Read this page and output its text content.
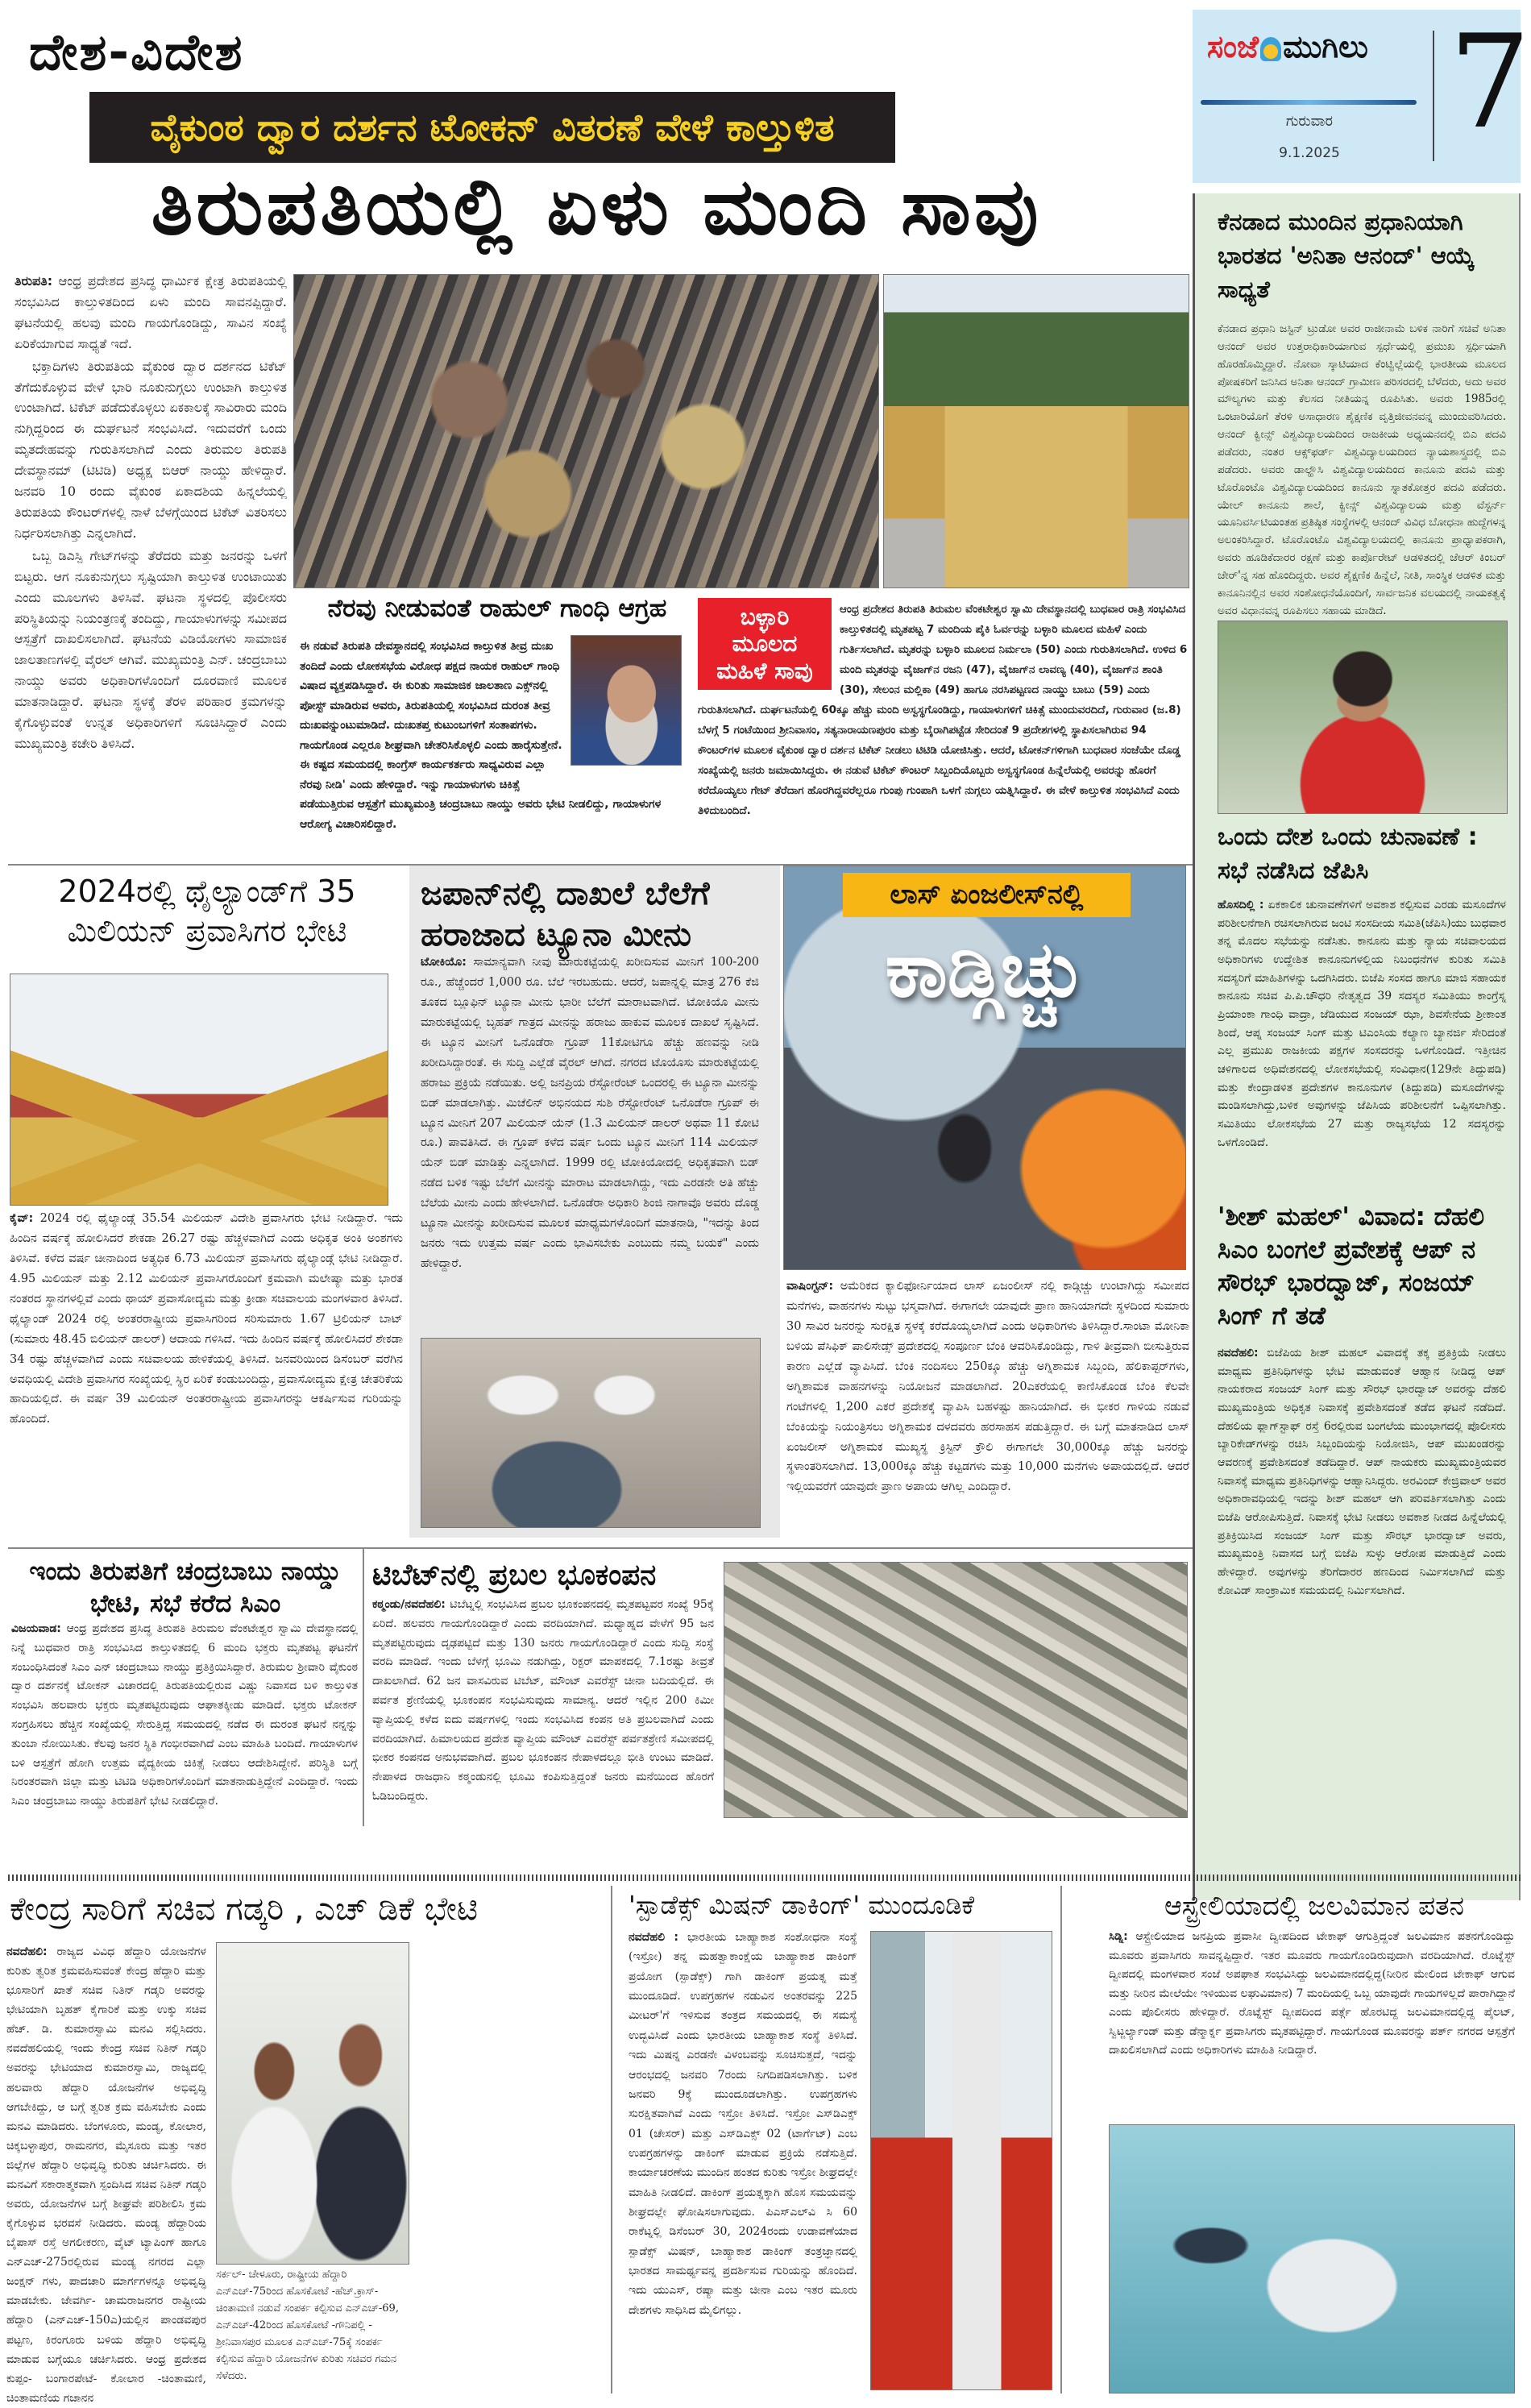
ದೇಶ-ವಿದೇಶ	ಸಂಜೆ ಮುಗಿಲು
ಗುರುವಾರ
9.1.2025 7
ವೈಕುಂಠ ದ್ವಾರ ದರ್ಶನ ಟೋಕನ್ ವಿತರಣೆ ವೇಳೆ ಕಾಲ್ತುಳಿತ
ತಿರುಪತಿಯಲ್ಲಿ ಏಳು ಮಂದಿ ಸಾವು

ತಿರುಪತಿ: ಆಂಧ್ರ ಪ್ರದೇಶದ ಪ್ರಸಿದ್ಧ ಧಾರ್ಮಿಕ ಕ್ಷೇತ್ರ ತಿರುಪತಿಯಲ್ಲಿ ಸಂಭವಿಸಿದ ಕಾಲ್ತುಳಿತದಿಂದ ಏಳು ಮಂದಿ ಸಾವನಪ್ಪಿದ್ದಾರೆ. ಘಟನೆಯಲ್ಲಿ ಹಲವು ಮಂದಿ ಗಾಯಗೊಂಡಿದ್ದು, ಸಾವಿನ ಸಂಖ್ಯೆ ಏರಿಕೆಯಾಗುವ ಸಾಧ್ಯತೆ ಇದೆ.

ಭಕ್ತಾದಿಗಳು ತಿರುಪತಿಯ ವೈಕುಂಠ ದ್ವಾರ ದರ್ಶನದ ಟಿಕೆಟ್ ತೆಗೆದುಕೊಳ್ಳುವ ವೇಳೆ ಭಾರಿ ನೂಕುನುಗ್ಗಲು ಉಂಟಾಗಿ ಕಾಲ್ತುಳಿತ ಉಂಟಾಗಿದೆ. ಟಿಕೆಟ್ ಪಡೆದುಕೊಳ್ಳಲು ಏಕಕಾಲಕ್ಕೆ ಸಾವಿರಾರು ಮಂದಿ ನುಗ್ಗಿದ್ದರಿಂದ ಈ ದುರ್ಘಟನೆ ಸಂಭವಿಸಿದೆ. ಇದುವರೆಗೆ ಒಂದು ಮೃತದೇಹವನ್ನು ಗುರುತಿಸಲಾಗಿದೆ ಎಂದು ತಿರುಮಲ ತಿರುಪತಿ ದೇವಸ್ಥಾನಮ್ (ಟಿಟಿಡಿ) ಅಧ್ಯಕ್ಷ ಬಿಆರ್ ನಾಯ್ಡು ಹೇಳಿದ್ದಾರೆ. ಜನವರಿ 10 ರಂದು ವೈಕುಂಠ ಏಕಾದಶಿಯ ಹಿನ್ನಲೆಯಲ್ಲಿ ತಿರುಪತಿಯ ಕೌಂಟರ್‌ಗಳಲ್ಲಿ ನಾಳೆ ಬೆಳಗ್ಗೆಯಿಂದ ಟಿಕೆಟ್ ವಿತರಿಸಲು ನಿರ್ಧರಿಸಲಾಗಿತ್ತು ಎನ್ನಲಾಗಿದೆ.

ಒಬ್ಬ ಡಿಎಸ್ಪಿ ಗೇಟ್‌ಗಳನ್ನು ತೆರೆದರು ಮತ್ತು ಜನರನ್ನು ಒಳಗೆ ಬಿಟ್ಟರು. ಆಗ ನೂಕುನುಗ್ಗಲು ಸೃಷ್ಟಿಯಾಗಿ ಕಾಲ್ತುಳಿತ ಉಂಟಾಯಿತು ಎಂದು ಮೂಲಗಳು ತಿಳಿಸಿವೆ. ಘಟನಾ ಸ್ಥಳದಲ್ಲಿ ಪೊಲೀಸರು ಪರಿಸ್ಥಿತಿಯನ್ನು ನಿಯಂತ್ರಣಕ್ಕೆ ತಂದಿದ್ದು, ಗಾಯಾಳುಗಳನ್ನು ಸಮೀಪದ ಆಸ್ಪತ್ರೆಗೆ ದಾಖಲಿಸಲಾಗಿದೆ. ಘಟನೆಯ ವಿಡಿಯೋಗಳು ಸಾಮಾಜಿಕ ಜಾಲತಾಣಗಳಲ್ಲಿ ವೈರಲ್ ಆಗಿವೆ. ಮುಖ್ಯಮಂತ್ರಿ ಎನ್. ಚಂದ್ರಬಾಬು ನಾಯ್ಡು ಅವರು ಅಧಿಕಾರಿಗಳೊಂದಿಗೆ ದೂರವಾಣಿ ಮೂಲಕ ಮಾತನಾಡಿದ್ದಾರೆ. ಘಟನಾ ಸ್ಥಳಕ್ಕೆ ತೆರಳಿ ಪರಿಹಾರ ಕ್ರಮಗಳನ್ನು ಕೈಗೊಳ್ಳುವಂತೆ ಉನ್ನತ ಅಧಿಕಾರಿಗಳಿಗೆ ಸೂಚಿಸಿದ್ದಾರೆ ಎಂದು ಮುಖ್ಯಮಂತ್ರಿ ಕಚೇರಿ ತಿಳಿಸಿದೆ.

ನೆರವು ನೀಡುವಂತೆ ರಾಹುಲ್ ಗಾಂಧಿ ಆಗ್ರಹ
ಈ ನಡುವೆ ತಿರುಪತಿ ದೇವಸ್ಥಾನದಲ್ಲಿ ಸಂಭವಿಸಿದ ಕಾಲ್ತುಳಿತ ತೀವ್ರ ದುಃಖ ತಂದಿದೆ ಎಂದು ಲೋಕಸಭೆಯ ವಿರೋಧ ಪಕ್ಷದ ನಾಯಕ ರಾಹುಲ್ ಗಾಂಧಿ ವಿಷಾದ ವ್ಯಕ್ತಪಡಿಸಿದ್ದಾರೆ. ಈ ಕುರಿತು ಸಾಮಾಜಿಕ ಜಾಲತಾಣ ಎಕ್ಸ್‌ನಲ್ಲಿ ಪೋಸ್ಟ್ ಮಾಡಿರುವ ಅವರು, ತಿರುಪತಿಯಲ್ಲಿ ಸಂಭವಿಸಿದ ದುರಂತ ತೀವ್ರ ದುಃಖವನ್ನುಂಟುಮಾಡಿದೆ. ದುಃಖತಪ್ತ ಕುಟುಂಬಗಳಿಗೆ ಸಂತಾಪಗಳು. ಗಾಯಗೊಂಡ ಎಲ್ಲರೂ ಶೀಘ್ರವಾಗಿ ಚೇತರಿಸಿಕೊಳ್ಳಲಿ ಎಂದು ಹಾರೈಸುತ್ತೇನೆ. ಈ ಕಷ್ಟದ ಸಮಯದಲ್ಲಿ ಕಾಂಗ್ರೆಸ್ ಕಾರ್ಯಕರ್ತರು ಸಾಧ್ಯವಿರುವ ಎಲ್ಲಾ ನೆರವು ನೀಡಿ' ಎಂದು ಹೇಳಿದ್ದಾರೆ. ಇನ್ನು ಗಾಯಾಳುಗಳು ಚಿಕಿತ್ಸೆ ಪಡೆಯುತ್ತಿರುವ ಆಸ್ಪತ್ರೆಗೆ ಮುಖ್ಯಮಂತ್ರಿ ಚಂದ್ರಬಾಬು ನಾಯ್ಡು ಅವರು ಭೇಟಿ ನೀಡಲಿದ್ದು, ಗಾಯಾಳುಗಳ ಆರೋಗ್ಯ ವಿಚಾರಿಸಲಿದ್ದಾರೆ.
ಬಳ್ಳಾರಿ ಮೂಲದ ಮಹಿಳೆ ಸಾವು
ಆಂಧ್ರ ಪ್ರದೇಶದ ತಿರುಪತಿ ತಿರುಮಲ ವೆಂಕಟೇಶ್ವರ ಸ್ವಾಮಿ ದೇವಸ್ಥಾನದಲ್ಲಿ ಬುಧವಾರ ರಾತ್ರಿ ಸಂಭವಿಸಿದ ಕಾಲ್ತುಳಿತದಲ್ಲಿ ಮೃತಪಟ್ಟ 7 ಮಂದಿಯ ಪೈಕಿ ಓರ್ವರನ್ನು ಬಳ್ಳಾರಿ ಮೂಲದ ಮಹಿಳೆ ಎಂದು ಗುರ್ತಿಸಲಾಗಿದೆ. ಮೃತರನ್ನು ಬಳ್ಳಾರಿ ಮೂಲದ ನಿರ್ಮಲಾ (50) ಎಂದು ಗುರುತಿಸಲಾಗಿದೆ. ಉಳಿದ 6 ಮಂದಿ ಮೃತರನ್ನು ವೈಜಾಗ್‌ನ ರಜನಿ (47), ವೈಜಾಗ್‌ನ ಲಾವಣ್ಯ (40), ವೈಜಾಗ್‌ನ ಶಾಂತಿ (30), ಸೇಲಂನ ಮಲ್ಲಿಕಾ (49) ಹಾಗೂ ನರಸಿಪಟ್ಟಣದ ನಾಯ್ಡು ಬಾಬು (59) ಎಂದು ಗುರುತಿಸಲಾಗಿದೆ. ದುರ್ಘಟನೆಯಲ್ಲಿ 60ಕ್ಕೂ ಹೆಚ್ಚು ಮಂದಿ ಅಸ್ವಸ್ಥಗೊಂಡಿದ್ದು, ಗಾಯಾಳುಗಳಿಗೆ ಚಿಕಿತ್ಸೆ ಮುಂದುವರದಿದೆ, ಗುರುವಾರ (ಜ.8) ಬೆಳಗ್ಗೆ 5 ಗಂಟೆಯಿಂದ ಶ್ರೀನಿವಾಸಂ, ಸತ್ಯನಾರಾಯಣಪುರಂ ಮತ್ತು ಬೈರಾಗಿಪಟ್ಟೆಡ ಸೇರಿದಂತೆ 9 ಪ್ರದೇಶಗಳಲ್ಲಿ ಸ್ಥಾಪಿಸಲಾಗಿರುವ 94 ಕೌಂಟರ್‌ಗಳ ಮೂಲಕ ವೈಕುಂಠ ದ್ವಾರ ದರ್ಶನ ಟಿಕೆಟ್ ನೀಡಲು ಟಿಟಿಡಿ ಯೋಜಿಸಿತ್ತು. ಆದರೆ, ಟೋಕನ್‌ಗಳಿಗಾಗಿ ಬುಧವಾರ ಸಂಜೆಯೇ ದೊಡ್ಡ ಸಂಖ್ಯೆಯಲ್ಲಿ ಜನರು ಜಮಾಯಿಸಿದ್ದರು. ಈ ನಡುವೆ ಟಿಕೆಟ್ ಕೌಂಟರ್ ಸಿಬ್ಬಂದಿಯೊಬ್ಬರು ಅಸ್ವಸ್ಥಗೊಂಡ ಹಿನ್ನೆಲೆಯಲ್ಲಿ ಅವರನ್ನು ಹೊರಗೆ ಕರೆದೊಯ್ಯಲು ಗೇಟ್ ತೆರೆದಾಗ ಹೊರಗಿದ್ದವರೆಲ್ಲರೂ ಗುಂಪು ಗುಂಪಾಗಿ ಒಳಗೆ ನುಗ್ಗಲು ಯತ್ನಿಸಿದ್ದಾರೆ. ಈ ವೇಳೆ ಕಾಲ್ತುಳಿತ ಸಂಭವಿಸಿದೆ ಎಂದು ತಿಳಿದುಬಂದಿದೆ.
ಕೆನಡಾದ ಮುಂದಿನ ಪ್ರಧಾನಿಯಾಗಿ ಭಾರತದ 'ಅನಿತಾ ಆನಂದ್' ಆಯ್ಕೆ ಸಾಧ್ಯತೆ
ಕೆನಡಾದ ಪ್ರಧಾನಿ ಜಸ್ಟಿನ್ ಟ್ರುಡೋ ಅವರ ರಾಜೀನಾಮೆ ಬಳಿಕ ನಾರಿಗೆ ಸಚಿವೆ ಅನಿತಾ ಆನಂದ್ ಅವರ ಉತ್ತರಾಧಿಕಾರಿಯಾಗುವ ಸ್ಪರ್ಧೆಯಲ್ಲಿ ಪ್ರಮುಖ ಸ್ಪರ್ಧಿಯಾಗಿ ಹೊರಹೊಮ್ಮಿದ್ದಾರೆ. ನೋವಾ ಸ್ಕಾಟಿಯಾದ ಕೆಂಟ್ವಿಲ್ಲೆಯಲ್ಲಿ ಭಾರತೀಯ ಮೂಲದ ಪೋಷಕರಿಗೆ ಜನಿಸಿದ ಅನಿತಾ ಆನಂದ್ ಗ್ರಾಮೀಣ ಪರಿಸರದಲ್ಲಿ ಬೆಳೆದರು, ಅದು ಅವರ ಮೌಲ್ಯಗಳು ಮತ್ತು ಕೆಲಸದ ನೀತಿಯನ್ನ ರೂಪಿಸಿತು. ಅವರು 1985ರಲ್ಲಿ ಒಂಟಾರಿಯೊಗೆ ತೆರಳಿ ಅಸಾಧಾರಣ ಶೈಕ್ಷಣಿಕ ವೃತ್ತಿಜೀವನವನ್ನ ಮುಂದುವರಿಸಿದರು. ಆನಂದ್ ಕ್ವೀನ್ಸ್ ವಿಶ್ವವಿದ್ಯಾಲಯದಿಂದ ರಾಜಕೀಯ ಅಧ್ಯಯನದಲ್ಲಿ ಬಿಎ ಪದವಿ ಪಡೆದರು, ನಂತರ ಆಕ್ಸ್‌ಫರ್ಡ್ ವಿಶ್ವವಿದ್ಯಾಲಯದಿಂದ ನ್ಯಾಯಶಾಸ್ತ್ರದಲ್ಲಿ ಬಿಎ ಪಡೆದರು. ಅವರು ಡಾಲ್ಹೌಸಿ ವಿಶ್ವವಿದ್ಯಾಲಯದಿಂದ ಕಾನೂನು ಪದವಿ ಮತ್ತು ಟೊರೊಂಟೊ ವಿಶ್ವವಿದ್ಯಾಲಯದಿಂದ ಕಾನೂನು ಸ್ನಾತಕೋತ್ತರ ಪದವಿ ಪಡೆದರು. ಯೇಲ್ ಕಾನೂನು ಶಾಲೆ, ಕ್ವೀನ್ಸ್ ವಿಶ್ವವಿದ್ಯಾಲಯ ಮತ್ತು ವೆಸ್ಟರ್ನ್ ಯೂನಿವರ್ಸಿಟಿಯಂತಹ ಪ್ರತಿಷ್ಠಿತ ಸಂಸ್ಥೆಗಳಲ್ಲಿ ಆನಂದ್ ವಿವಿಧ ಬೋಧನಾ ಹುದ್ದೆಗಳನ್ನ ಅಲಂಕರಿಸಿದ್ದಾರೆ. ಟೊರೊಂಟೊ ವಿಶ್ವವಿದ್ಯಾಲಯದಲ್ಲಿ ಕಾನೂನು ಪ್ರಾಧ್ಯಾಪಕರಾಗಿ, ಅವರು ಹೂಡಿಕೆದಾರರ ರಕ್ಷಣೆ ಮತ್ತು ಕಾರ್ಪೊರೇಟ್ ಆಡಳಿತದಲ್ಲಿ ಜೆಆರ್ ಕಿಂಬರ್ ಚೇರ್'ನ್ನ ಸಹ ಹೊಂದಿದ್ದರು. ಅವರ ಶೈಕ್ಷಣಿಕ ಹಿನ್ನೆಲೆ, ನೀತಿ, ಸಾಂಸ್ಥಿಕ ಆಡಳಿತ ಮತ್ತು ಕಾನೂನಿನಲ್ಲಿನ ಅವರ ಸಂಶೋಧನೆಯೊಂದಿಗೆ, ಸಾರ್ವಜನಿಕ ವಲಯದಲ್ಲಿ ನಾಯಕತ್ವಕ್ಕೆ ಅವರ ವಿಧಾನವನ್ನ ರೂಪಿಸಲು ಸಹಾಯ ಮಾಡಿದೆ.
ಒಂದು ದೇಶ ಒಂದು ಚುನಾವಣೆ : ಸಭೆ ನಡೆಸಿದ ಜೆಪಿಸಿ
ಹೊಸದಿಲ್ಲಿ : ಏಕಕಾಲಿಕ ಚುನಾವಣೆಗಳಿಗೆ ಅವಕಾಶ ಕಲ್ಪಿಸುವ ಎರಡು ಮಸೂದೆಗಳ ಪರಿಶೀಲನೆಗಾಗಿ ರಚಿಸಲಾಗಿರುವ ಜಂಟಿ ಸಂಸದೀಯ ಸಮಿತಿ(ಜೆಪಿಸಿ)ಯು ಬುಧವಾರ ತನ್ನ ಮೊದಲ ಸಭೆಯನ್ನು ನಡೆಸಿತು. ಕಾನೂನು ಮತ್ತು ನ್ಯಾಯ ಸಚಿವಾಲಯದ ಅಧಿಕಾರಿಗಳು ಉದ್ದೇಶಿತ ಕಾನೂನುಗಳಲ್ಲಿಯ ನಿಬಂಧನೆಗಳ ಕುರಿತು ಸಮಿತಿ ಸದಸ್ಯರಿಗೆ ಮಾಹಿತಿಗಳನ್ನು ಒದಗಿಸಿದರು. ಬಿಜೆಪಿ ಸಂಸದ ಹಾಗೂ ಮಾಜಿ ಸಹಾಯಕ ಕಾನೂನು ಸಚಿವ ಪಿ.ಪಿ.ಚೌಧರಿ ನೇತೃತ್ವದ 39 ಸದಸ್ಯರ ಸಮಿತಿಯು ಕಾಂಗ್ರೆಸ್ನ ಪ್ರಿಯಾಂಕಾ ಗಾಂಧಿ ವಾದ್ರಾ, ಜೆಡಿಯುದ ಸಂಜಯ್ ಝಾ, ಶಿವಸೇನೆಯ ಶ್ರೀಕಾಂತ ಶಿಂದೆ, ಆಪ್ನ ಸಂಜಯ್ ಸಿಂಗ್ ಮತ್ತು ಟಿಎಂಸಿಯ ಕಲ್ಯಾಣ ಬ್ಯಾನರ್ಜಿ ಸೇರಿದಂತೆ ಎಲ್ಲ ಪ್ರಮುಖ ರಾಜಕೀಯ ಪಕ್ಷಗಳ ಸಂಸದರನ್ನು ಒಳಗೊಂಡಿದೆ. ಇತ್ತೀಚಿನ ಚಳಿಗಾಲದ ಅಧಿವೇಶನದಲ್ಲಿ ಲೋಕಸಭೆಯಲ್ಲಿ ಸಂವಿಧಾನ(129ನೇ ತಿದ್ದುಪಡಿ) ಮತ್ತು ಕೇಂದ್ರಾಡಳಿತ ಪ್ರದೇಶಗಳ ಕಾನೂನುಗಳ (ತಿದ್ದುಪಡಿ) ಮಸೂದೆಗಳನ್ನು ಮಂಡಿಸಲಾಗಿದ್ದು,ಬಳಿಕ ಅವುಗಳನ್ನು ಜೆಪಿಸಿಯ ಪರಿಶೀಲನೆಗೆ ಒಪ್ಪಿಸಲಾಗಿತ್ತು. ಸಮಿತಿಯು ಲೋಕಸಭೆಯ 27 ಮತ್ತು ರಾಜ್ಯಸಭೆಯ 12 ಸದಸ್ಯರನ್ನು ಒಳಗೊಂಡಿದೆ.
'ಶೀಶ್ ಮಹಲ್' ವಿವಾದ: ದೆಹಲಿ ಸಿಎಂ ಬಂಗಲೆ ಪ್ರವೇಶಕ್ಕೆ ಆಪ್ ನ ಸೌರಭ್ ಭಾರದ್ವಾಜ್, ಸಂಜಯ್ ಸಿಂಗ್ ಗೆ ತಡೆ
ನವದೆಹಲಿ: ಬಿಜೆಪಿಯ ಶೀಶ್ ಮಹಲ್ ವಿವಾದಕ್ಕೆ ತಕ್ಕ ಪ್ರತಿಕ್ರಿಯೆ ನೀಡಲು ಮಾಧ್ಯಮ ಪ್ರತಿನಿಧಿಗಳನ್ನು ಭೇಟಿ ಮಾಡುವಂತೆ ಆಹ್ವಾನ ನೀಡಿದ್ದ ಆಪ್ ನಾಯಕರಾದ ಸಂಜಯ್ ಸಿಂಗ್ ಮತ್ತು ಸೌರಭ್ ಭಾರದ್ವಾಜ್ ಅವರನ್ನು ದೆಹಲಿ ಮುಖ್ಯಮಂತ್ರಿಯ ಅಧಿಕೃತ ನಿವಾಸಕ್ಕೆ ಪ್ರವೇಶಿಸದಂತೆ ತಡೆದ ಘಟನೆ ನಡೆದಿದೆ. ದೆಹಲಿಯ ಫ್ಲಾಗ್‌ಸ್ಟಾಫ್ ರಸ್ತೆ 6ರಲ್ಲಿರುವ ಬಂಗಲೆಯ ಮುಂಭಾಗದಲ್ಲಿ ಪೊಲೀಸರು ಬ್ಯಾರಿಕೇಡ್‌ಗಳನ್ನು ರಚಿಸಿ ಸಿಬ್ಬಂದಿಯನ್ನು ನಿಯೋಜಿಸಿ, ಆಪ್ ಮುಖಂಡರನ್ನು ಆವರಣಕ್ಕೆ ಪ್ರವೇಶಿಸದಂತೆ ತಡೆದಿದ್ದಾರೆ. ಆಪ್ ನಾಯಕರು ಮುಖ್ಯಮಂತ್ರಿಯವರ ನಿವಾಸಕ್ಕೆ ಮಾಧ್ಯಮ ಪ್ರತಿನಿಧಿಗಳನ್ನು ಆಹ್ವಾನಿಸಿದ್ದರು. ಅರವಿಂದ್ ಕೇಜ್ರಿವಾಲ್ ಅವರ ಅಧಿಕಾರಾವಧಿಯಲ್ಲಿ ಇದನ್ನು ಶೀಶ್ ಮಹಲ್ ಆಗಿ ಪರಿವರ್ತಿಸಲಾಗಿತ್ತು ಎಂದು ಬಿಜೆಪಿ ಆರೋಪಿಸುತ್ತಿದೆ. ನಿವಾಸಕ್ಕೆ ಭೇಟಿ ನೀಡಲು ಅವಕಾಶ ನೀಡದ ಹಿನ್ನೆಲೆಯಲ್ಲಿ ಪ್ರತಿಕ್ರಿಯಿಸಿದ ಸಂಜಯ್ ಸಿಂಗ್ ಮತ್ತು ಸೌರಭ್ ಭಾರದ್ವಾಜ್ ಅವರು, ಮುಖ್ಯಮಂತ್ರಿ ನಿವಾಸದ ಬಗ್ಗೆ ಬಿಜೆಪಿ ಸುಳ್ಳು ಆರೋಪ ಮಾಡುತ್ತಿದೆ ಎಂದು ಹೇಳಿದ್ದಾರೆ. ಅವುಗಳನ್ನು ತೆರಿಗೆದಾರರ ಹಣದಿಂದ ನಿರ್ಮಿಸಲಾಗಿದೆ ಮತ್ತು ಕೋವಿಡ್ ಸಾಂಕ್ರಾಮಿಕ ಸಮಯದಲ್ಲಿ ನಿರ್ಮಿಸಲಾಗಿದೆ.
2024ರಲ್ಲಿ ಥೈಲ್ಯಾಂಡ್‌ಗೆ 35 ಮಿಲಿಯನ್ ಪ್ರವಾಸಿಗರ ಭೇಟಿ
ಕೈವ್: 2024 ರಲ್ಲಿ ಥೈಲ್ಯಾಂಡ್ಗೆ 35.54 ಮಿಲಿಯನ್ ವಿದೇಶಿ ಪ್ರವಾಸಿಗರು ಭೇಟಿ ನೀಡಿದ್ದಾರೆ. ಇದು ಹಿಂದಿನ ವರ್ಷಕ್ಕೆ ಹೋಲಿಸಿದರೆ ಶೇಕಡಾ 26.27 ರಷ್ಟು ಹೆಚ್ಚಳವಾಗಿದೆ ಎಂದು ಅಧಿಕೃತ ಅಂಕಿ ಅಂಶಗಳು ತಿಳಿಸಿವೆ. ಕಳೆದ ವರ್ಷ ಚೀನಾದಿಂದ ಅತ್ಯಧಿಕ 6.73 ಮಿಲಿಯನ್ ಪ್ರವಾಸಿಗರು ಥೈಲ್ಯಾಂಡ್ಗೆ ಭೇಟಿ ನೀಡಿದ್ದಾರೆ. 4.95 ಮಿಲಿಯನ್ ಮತ್ತು 2.12 ಮಿಲಿಯನ್ ಪ್ರವಾಸಿಗರೊಂದಿಗೆ ಕ್ರಮವಾಗಿ ಮಲೇಷ್ಯಾ ಮತ್ತು ಭಾರತ ನಂತರದ ಸ್ಥಾನಗಳಲ್ಲಿವೆ ಎಂದು ಥಾಯ್ ಪ್ರವಾಸೋದ್ಯಮ ಮತ್ತು ಕ್ರೀಡಾ ಸಚಿವಾಲಯ ಮಂಗಳವಾರ ತಿಳಿಸಿದೆ. ಥೈಲ್ಯಾಂಡ್ 2024 ರಲ್ಲಿ ಅಂತರರಾಷ್ಟ್ರೀಯ ಪ್ರವಾಸಿಗರಿಂದ ಸರಿಸುಮಾರು 1.67 ಟ್ರಿಲಿಯನ್ ಬಾಟ್ (ಸುಮಾರು 48.45 ಬಿಲಿಯನ್ ಡಾಲರ್) ಆದಾಯ ಗಳಿಸಿದೆ. ಇದು ಹಿಂದಿನ ವರ್ಷಕ್ಕೆ ಹೋಲಿಸಿದರೆ ಶೇಕಡಾ 34 ರಷ್ಟು ಹೆಚ್ಚಳವಾಗಿದೆ ಎಂದು ಸಚಿವಾಲಯ ಹೇಳಿಕೆಯಲ್ಲಿ ತಿಳಿಸಿದೆ. ಜನವರಿಯಿಂದ ಡಿಸೆಂಬರ್ ವರೆಗಿನ ಅವಧಿಯಲ್ಲಿ ವಿದೇಶಿ ಪ್ರವಾಸಿಗರ ಸಂಖ್ಯೆಯಲ್ಲಿ ಸ್ಥಿರ ಏರಿಕೆ ಕಂಡುಬಂದಿದ್ದು, ಪ್ರವಾಸೋದ್ಯಮ ಕ್ಷೇತ್ರ ಚೇತರಿಕೆಯ ಹಾದಿಯಲ್ಲಿದೆ. ಈ ವರ್ಷ 39 ಮಿಲಿಯನ್ ಅಂತರರಾಷ್ಟ್ರೀಯ ಪ್ರವಾಸಿಗರನ್ನು ಆಕರ್ಷಿಸುವ ಗುರಿಯನ್ನು ಹೊಂದಿದೆ.
ಜಪಾನ್‌ನಲ್ಲಿ ದಾಖಲೆ ಬೆಲೆಗೆ ಹರಾಜಾದ ಟ್ಯೂನಾ ಮೀನು
ಟೋಕಿಯೊ: ಸಾಮಾನ್ಯವಾಗಿ ನೀವು ಮಾರುಕಟ್ಟೆಯಲ್ಲಿ ಖರೀದಿಸುವ ಮೀನಿಗೆ 100-200 ರೂ., ಹೆಚ್ಚೆಂದರೆ 1,000 ರೂ. ಬೆಲೆ ಇರಬಹುದು. ಆದರೆ, ಜಪಾನ್ನಲ್ಲಿ ಮಾತ್ರ 276 ಕೆಜಿ ತೂಕದ ಬ್ಲೂಫಿನ್ ಟ್ಯೂನಾ ಮೀನು ಭಾರೀ ಬೆಲೆಗೆ ಮಾರಾಟವಾಗಿದೆ. ಟೋಕಿಯೊ ಮೀನು ಮಾರುಕಟ್ಟೆಯಲ್ಲಿ ಬೃಹತ್ ಗಾತ್ರದ ಮೀನನ್ನು ಹರಾಜು ಹಾಕುವ ಮೂಲಕ ದಾಖಲೆ ಸೃಷ್ಟಿಸಿದೆ. ಈ ಟ್ಯೂನ ಮೀನಿಗೆ ಒನೊಡೆರಾ ಗ್ರೂಪ್ 11ಕೋಟಿಗೂ ಹೆಚ್ಚು ಹಣವನ್ನು ನೀಡಿ ಖರೀದಿಸಿದ್ದಾರಂತೆ. ಈ ಸುದ್ದಿ ಎಲ್ಲೆಡೆ ವೈರಲ್ ಆಗಿದೆ. ನಗರದ ಟೊಯೊಸು ಮಾರುಕಟ್ಟೆಯಲ್ಲಿ ಹರಾಜು ಪ್ರಕ್ರಿಯೆ ನಡೆಯಿತು. ಅಲ್ಲಿ ಜನಪ್ರಿಯ ರೆಸ್ಟೋರೆಂಟ್ ಒಂದರಲ್ಲಿ ಈ ಟ್ಯೂನಾ ಮೀನನ್ನು ಬಿಡ್ ಮಾಡಲಾಗಿತ್ತು. ಮಿಚೆಲಿನ್ ಅಭಿನಯದ ಸುಶಿ ರೆಸ್ಟೋರೆಂಟ್ ಒನೊಡೆರಾ ಗ್ರೂಪ್ ಈ ಟ್ಯೂನ ಮೀನಿಗೆ 207 ಮಿಲಿಯನ್ ಯೆನ್ (1.3 ಮಿಲಿಯನ್ ಡಾಲರ್ ಅಥವಾ 11 ಕೋಟಿ ರೂ.) ಪಾವತಿಸಿದೆ. ಈ ಗ್ರೂಪ್ ಕಳೆದ ವರ್ಷ ಒಂದು ಟ್ಯೂನ ಮೀನಿಗೆ 114 ಮಿಲಿಯನ್ ಯೆನ್ ಬಿಡ್ ಮಾಡಿತ್ತು ಎನ್ನಲಾಗಿದೆ. 1999 ರಲ್ಲಿ ಟೋಕಿಯೋದಲ್ಲಿ ಅಧಿಕೃತವಾಗಿ ಬಿಡ್ ನಡೆದ ಬಳಿಕ ಇಷ್ಟು ಬೆಲೆಗೆ ಮೀನನ್ನು ಮಾರಾಟ ಮಾಡಲಾಗಿದ್ದು, ಇದು ಎರಡನೇ ಅತಿ ಹೆಚ್ಚು ಬೆಲೆಯ ಮೀನು ಎಂದು ಹೇಳಲಾಗಿದೆ. ಒನೊಡೆರಾ ಅಧಿಕಾರಿ ಶಿಂಜಿ ನಾಗಾವೊ ಅವರು ದೊಡ್ಡ ಟ್ಯೂನಾ ಮೀನನ್ನು ಖರೀದಿಸುವ ಮೂಲಕ ಮಾಧ್ಯಮಗಳೊಂದಿಗೆ ಮಾತನಾಡಿ, "ಇದನ್ನು ತಿಂದ ಜನರು ಇದು ಉತ್ತಮ ವರ್ಷ ಎಂದು ಭಾವಿಸಬೇಕು ಎಂಬುದು ನಮ್ಮ ಬಯಕೆ" ಎಂದು ಹೇಳಿದ್ದಾರೆ.
ಲಾಸ್ ಏಂಜಲೀಸ್‌ನಲ್ಲಿ
ಕಾಡ್ಗಿಚ್ಚು
ವಾಷಿಂಗ್ಟನ್: ಅಮೆರಿಕದ ಕ್ಯಾಲಿಫೋರ್ನಿಯಾದ ಲಾಸ್ ಏಜಂಲೀಸ್ ನಲ್ಲಿ ಕಾಡ್ಗಿಚ್ಚು ಉಂಟಾಗಿದ್ದು ಸಮೀಪದ ಮನೆಗಳು, ವಾಹನಗಳು ಸುಟ್ಟು ಭಸ್ಮವಾಗಿದೆ. ಈಗಾಗಲೇ ಯಾವುದೇ ಪ್ರಾಣ ಹಾನಿಯಾಗದೇ ಸ್ಥಳದಿಂದ ಸುಮಾರು 30 ಸಾವಿರ ಜನರನ್ನು ಸುರಕ್ಷಿತ ಸ್ಥಳಕ್ಕೆ ಕರೆದೊಯ್ಯಲಾಗಿದೆ ಎಂದು ಅಧಿಕಾರಿಗಳು ತಿಳಿಸಿದ್ದಾರೆ.ಸಾಂಟಾ ಮೋನಿಕಾ ಬಳಿಯ ಪೆಸಿಫಿಕ್ ಪಾಲಿಸೇಡ್ಸ್ ಪ್ರದೇಶದಲ್ಲಿ ಸಂಪೂರ್ಣ ಬೆಂಕಿ ಆವರಿಸಿಕೊಂಡಿದ್ದು, ಗಾಳಿ ತೀವ್ರವಾಗಿ ಬೀಸುತ್ತಿರುವ ಕಾರಣ ಎಲ್ಲೆಡೆ ವ್ಯಾಪಿಸಿದೆ. ಬೆಂಕಿ ನಂದಿಸಲು 250ಕ್ಕೂ ಹೆಚ್ಚು ಅಗ್ನಿಶಾಮಕ ಸಿಬ್ಬಂದಿ, ಹೆಲಿಕಾಪ್ಟರ್‌ಗಳು, ಅಗ್ನಿಶಾಮಕ ವಾಹನಗಳನ್ನು ನಿಯೋಜನೆ ಮಾಡಲಾಗಿದೆ. 20ಎಕರೆಯಲ್ಲಿ ಕಾಣಿಸಿಕೊಂಡ ಬೆಂಕಿ ಕೆಲವೇ ಗಂಟೆಗಳಲ್ಲಿ 1,200 ಎಕರೆ ಪ್ರದೇಶಕ್ಕೆ ವ್ಯಾಪಿಸಿ ಬಹಳಷ್ಟು ಹಾನಿಯಾಗಿದೆ. ಈ ಭೀಕರ ಗಾಳಿಯ ನಡುವೆ ಬೆಂಕಿಯನ್ನು ನಿಯಂತ್ರಿಸಲು ಅಗ್ನಿಶಾಮಕ ದಳದವರು ಹರಸಾಹಸ ಪಡುತ್ತಿದ್ದಾರೆ. ಈ ಬಗ್ಗೆ ಮಾತನಾಡಿದ ಲಾಸ್ ಏಂಜಲೀಸ್ ಅಗ್ನಿಶಾಮಕ ಮುಖ್ಯಸ್ಥ ಕ್ರಿಸ್ಟಿನ್ ಕ್ರೌಲಿ ಈಗಾಗಲೇ 30,000ಕ್ಕೂ ಹೆಚ್ಚು ಜನರನ್ನು ಸ್ಥಳಾಂತರಿಸಲಾಗಿದೆ. 13,000ಕ್ಕೂ ಹೆಚ್ಚು ಕಟ್ಟಡಗಳು ಮತ್ತು 10,000 ಮನೆಗಳು ಅಪಾಯದಲ್ಲಿದೆ. ಆದರೆ ಇಲ್ಲಿಯವರೆಗೆ ಯಾವುದೇ ಪ್ರಾಣ ಅಪಾಯ ಆಗಿಲ್ಲ ಎಂದಿದ್ದಾರೆ.
ಇಂದು ತಿರುಪತಿಗೆ ಚಂದ್ರಬಾಬು ನಾಯ್ಡು ಭೇಟಿ, ಸಭೆ ಕರೆದ ಸಿಎಂ
ವಿಜಯವಾಡ: ಆಂಧ್ರ ಪ್ರದೇಶದ ಪ್ರಸಿದ್ಧ ತಿರುಪತಿ ತಿರುಮಲ ವೆಂಕಟೇಶ್ವರ ಸ್ವಾಮಿ ದೇವಸ್ಥಾನದಲ್ಲಿ ನಿನ್ನೆ ಬುಧವಾರ ರಾತ್ರಿ ಸಂಭವಿಸಿದ ಕಾಲ್ತುಳಿತದಲ್ಲಿ 6 ಮಂದಿ ಭಕ್ತರು ಮೃತಪಟ್ಟ ಘಟನೆಗೆ ಸಂಬಂಧಿಸಿದಂತೆ ಸಿಎಂ ಎನ್ ಚಂದ್ರಬಾಬು ನಾಯ್ಡು ಪ್ರತಿಕ್ರಿಯಿಸಿದ್ದಾರೆ. ತಿರುಮಲ ಶ್ರೀವಾರಿ ವೈಕುಂಠ ದ್ವಾರ ದರ್ಶನಕ್ಕೆ ಟೋಕನ್ ವಿಚಾರದಲ್ಲಿ ತಿರುಪತಿಯಲ್ಲಿರುವ ವಿಷ್ಣು ನಿವಾಸದ ಬಳಿ ಕಾಲ್ತುಳಿತ ಸಂಭವಿಸಿ ಹಲವಾರು ಭಕ್ತರು ಮೃತಪಟ್ಟಿರುವುದು ಆಘಾತಕ್ಕೀಡು ಮಾಡಿದೆ. ಭಕ್ತರು ಟೋಕನ್ ಸಂಗ್ರಹಿಸಲು ಹೆಚ್ಚಿನ ಸಂಖ್ಯೆಯಲ್ಲಿ ಸೇರುತ್ತಿದ್ದ ಸಮಯದಲ್ಲಿ ನಡೆದ ಈ ದುರಂತ ಘಟನೆ ನನ್ನನ್ನು ತುಂಬಾ ನೋಯಿಸಿತು. ಕೆಲವು ಜನರ ಸ್ಥಿತಿ ಗಂಭೀರವಾಗಿದೆ ಎಂಬ ಮಾಹಿತಿ ಬಂದಿದೆ. ಗಾಯಾಳುಗಳ ಬಳಿ ಆಸ್ಪತ್ರೆಗೆ ಹೋಗಿ ಉತ್ತಮ ವೈದ್ಯಕೀಯ ಚಿಕಿತ್ಸೆ ನೀಡಲು ಆದೇಶಿಸಿದ್ದೇನೆ. ಪರಿಸ್ಥಿತಿ ಬಗ್ಗೆ ನಿರಂತರವಾಗಿ ಜಿಲ್ಲಾ ಮತ್ತು ಟಿಟಿಡಿ ಅಧಿಕಾರಿಗಳೊಂದಿಗೆ ಮಾತನಾಡುತ್ತಿದ್ದೇನೆ ಎಂದಿದ್ದಾರೆ. ಇಂದು ಸಿಎಂ ಚಂದ್ರಬಾಬು ನಾಯ್ಡು ತಿರುಪತಿಗೆ ಭೇಟಿ ನೀಡಲಿದ್ದಾರೆ.
ಟಿಬೆಟ್‌ನಲ್ಲಿ ಪ್ರಬಲ ಭೂಕಂಪನ
ಕಠ್ಮಂಡು/ನವದೆಹಲಿ: ಟಿಬೆಟ್ನಲ್ಲಿ ಸಂಭವಿಸಿದ ಪ್ರಬಲ ಭೂಕಂಪನದಲ್ಲಿ ಮೃತಪಟ್ಟವರ ಸಂಖ್ಯೆ 95ಕ್ಕೆ ಏರಿದೆ. ಹಲವರು ಗಾಯಗೊಂಡಿದ್ದಾರೆ ಎಂದು ವರದಿಯಾಗಿದೆ. ಮಧ್ಯಾಹ್ನದ ವೇಳೆಗೆ 95 ಜನ ಮೃತಪಟ್ಟಿರುವುದು ದೃಢಪಟ್ಟಿದೆ ಮತ್ತು 130 ಜನರು ಗಾಯಗೊಂಡಿದ್ದಾರೆ ಎಂದು ಸುದ್ದಿ ಸಂಸ್ಥೆ ವರದಿ ಮಾಡಿದೆ. ಇಂದು ಬೆಳಗ್ಗೆ ಭೂಮಿ ನಡುಗಿದ್ದು, ರಿಕ್ಟರ್ ಮಾಪಕದಲ್ಲಿ 7.1ರಷ್ಟು ತೀವ್ರತೆ ದಾಖಲಾಗಿದೆ. 62 ಜನ ವಾಸವಿರುವ ಟಿಬೆಟ್, ಮೌಂಟ್ ಎವರೆಸ್ಟ್ ಚೀನಾ ಬದಿಯಲ್ಲಿದೆ. ಈ ಪರ್ವತ ಶ್ರೇಣಿಯಲ್ಲಿ ಭೂಕಂಪನ ಸಂಭವಿಸುವುದು ಸಾಮಾನ್ಯ. ಆದರೆ ಇಲ್ಲಿನ 200 ಕಿಮೀ ವ್ಯಾಪ್ತಿಯಲ್ಲಿ ಕಳೆದ ಐದು ವರ್ಷಗಳಲ್ಲಿ ಇಂದು ಸಂಭವಿಸಿದ ಕಂಪನ ಅತಿ ಪ್ರಬಲವಾಗಿದೆ ಎಂದು ವರದಿಯಾಗಿದೆ. ಹಿಮಾಲಯದ ಪ್ರದೇಶ ವ್ಯಾಪ್ತಿಯ ಮೌಂಟ್ ಎವರೆಸ್ಟ್ ಪರ್ವತಶ್ರೇಣಿ ಸಮೀಪದಲ್ಲಿ ಭೀಕರ ಕಂಪನದ ಅನುಭವವಾಗಿದೆ. ಪ್ರಬಲ ಭೂಕಂಪನ ನೇಪಾಳದಲ್ಲೂ ಭೀತಿ ಉಂಟು ಮಾಡಿದೆ. ನೇಪಾಳದ ರಾಜಧಾನಿ ಕಠ್ಮಂಡುನಲ್ಲಿ ಭೂಮಿ ಕಂಪಿಸುತ್ತಿದ್ದಂತೆ ಜನರು ಮನೆಯಿಂದ ಹೊರಗೆ ಓಡಿಬಂದಿದ್ದರು.
ಕೇಂದ್ರ ಸಾರಿಗೆ ಸಚಿವ ಗಡ್ಕರಿ , ಎಚ್ ಡಿಕೆ ಭೇಟಿ
ನವದೆಹಲಿ: ರಾಜ್ಯದ ವಿವಿಧ ಹೆದ್ದಾರಿ ಯೋಜನೆಗಳ ಕುರಿತು ತ್ವರಿತ ಕ್ರಮವಹಿಸುವಂತೆ ಕೇಂದ್ರ ಹೆದ್ದಾರಿ ಮತ್ತು ಭೂಸಾರಿಗೆ ಖಾತೆ ಸಚಿವ ನಿತಿನ್ ಗಡ್ಕರಿ ಅವರನ್ನು ಭೇಟಿಯಾಗಿ ಬೃಹತ್ ಕೈಗಾರಿಕೆ ಮತ್ತು ಉಕ್ಕು ಸಚಿವ ಹೆಚ್. ಡಿ. ಕುಮಾರಸ್ವಾಮಿ ಮನವಿ ಸಲ್ಲಿಸಿದರು. ನವದೆಹಲಿಯಲ್ಲಿ ಇಂದು ಕೇಂದ್ರ ಸಚಿವ ನಿತಿನ್ ಗಡ್ಕರಿ ಅವರನ್ನು ಭೇಟಿಯಾದ ಕುಮಾರಸ್ವಾಮಿ, ರಾಜ್ಯದಲ್ಲಿ ಹಲವಾರು ಹೆದ್ದಾರಿ ಯೋಜನೆಗಳ ಅಭಿವೃದ್ಧಿ ಆಗಬೇಕಿದ್ದು, ಆ ಬಗ್ಗೆ ತ್ವರಿತ ಕ್ರಮ ವಹಿಸಬೇಕು ಎಂದು ಮನವಿ ಮಾಡಿದರು. ಬೆಂಗಳೂರು, ಮಂಡ್ಯ, ಕೋಲಾರ, ಚಿಕ್ಕಬಳ್ಳಾಪುರ, ರಾಮನಗರ, ಮೈಸೂರು ಮತ್ತು ಇತರ ಜಿಲ್ಲೆಗಳ ಹೆದ್ದಾರಿ ಅಭಿವೃದ್ಧಿ ಕುರಿತು ಚರ್ಚಿಸಿದರು. ಈ ಮನವಿಗೆ ಸಕಾರಾತ್ಮಕವಾಗಿ ಸ್ಪಂದಿಸಿದ ಸಚಿವ ನಿತಿನ್ ಗಡ್ಕರಿ ಅವರು, ಯೋಜನೆಗಳ ಬಗ್ಗೆ ಶೀಘ್ರವೇ ಪರಿಶೀಲಿಸಿ ಕ್ರಮ ಕೈಗೊಳ್ಳುವ ಭರವಸೆ ನೀಡಿದರು. ಮಂಡ್ಯ ಹೆದ್ದಾರಿಯ ಬೈಪಾಸ್ ರಸ್ತೆ ಅಗಲೀಕರಣ, ವೈಟ್ ಟ್ಯಾಪಿಂಗ್ ಹಾಗೂ ಎನ್‌ಎಚ್-275ರಲ್ಲಿರುವ ಮಂಡ್ಯ ನಗರದ ಎಲ್ಲಾ ಜಂಕ್ಷನ್ ಗಳು, ಪಾದಚಾರಿ ಮಾರ್ಗಗಳನ್ನೂ ಅಭಿವೃದ್ಧಿ ಮಾಡಬೇಕು. ಜೇವರ್ಗಿ- ಚಾಮರಾಜನಗರ ರಾಷ್ಟ್ರೀಯ ಹೆದ್ದಾರಿ (ಎನ್‌ಎಚ್-150ಎ)ಯಲ್ಲಿನ ಪಾಂಡವಪುರ ಪಟ್ಟಣ, ಕಿರಂಗೂರು ಬಳಿಯ ಹೆದ್ದಾರಿ ಅಭಿವೃದ್ಧಿ ಮಾಡುವ ಬಗ್ಗೆಯೂ ಚರ್ಚಿಸಿದರು. ಆಂಧ್ರ ಪ್ರದೇಶದ ಕುಪ್ಪಂ- ಬಂಗಾರಪೇಟೆ- ಕೋಲಾರ -ಚಿಂತಾಮಣಿ, ಚಿಂತಾಮಣಿಯ ಗಜಾನನ
ಸರ್ಕಲ್- ಚೇಳೂರು, ರಾಷ್ಟ್ರೀಯ ಹೆದ್ದಾರಿ ಎನ್‌ಎಚ್-75ರಿಂದ ಹೊಸಕೋಟೆ -ಹೆಚ್.ಕ್ರಾಸ್- ಚಿಂತಾಮಣಿ ನಡುವೆ ಸಂಪರ್ಕ ಕಲ್ಪಿಸುವ ಎನ್‌ಎಚ್-69, ಎನ್‌ಎಚ್-42ರಿಂದ ಹೊಸಕೋಟೆ -ಗೌನಿಪಲ್ಲಿ - ಶ್ರೀನಿವಾಸಪುರ ಮೂಲಕ ಎನ್‌ಎಚ್-75ಕ್ಕೆ ಸಂಪರ್ಕ ಕಲ್ಪಿಸುವ ಹೆದ್ದಾರಿ ಯೋಜನೆಗಳ ಕುರಿತು ಸಚಿವರ ಗಮನ ಸೆಳೆದರು.
'ಸ್ಪಾಡೆಕ್ಸ್ ಮಿಷನ್ ಡಾಕಿಂಗ್' ಮುಂದೂಡಿಕೆ
ನವದೆಹಲಿ : ಭಾರತೀಯ ಬಾಹ್ಯಾಕಾಶ ಸಂಶೋಧನಾ ಸಂಸ್ಥೆ (ಇಸ್ರೋ) ತನ್ನ ಮಹತ್ವಾಕಾಂಕ್ಷೆಯ ಬಾಹ್ಯಾಕಾಶ ಡಾಕಿಂಗ್ ಪ್ರಯೋಗ (ಸ್ಪಾಡೆಕ್ಸ್) ಗಾಗಿ ಡಾಕಿಂಗ್ ಪ್ರಯತ್ನ ಮತ್ತೆ ಮುಂದೂಡಿದೆ. ಉಪಗ್ರಹಗಳ ನಡುವಿನ ಅಂತರವನ್ನು 225 ಮೀಟರ್'ಗೆ ಇಳಿಸುವ ತಂತ್ರದ ಸಮಯದಲ್ಲಿ ಈ ಸಮಸ್ಯೆ ಉದ್ಭವಿಸಿದೆ ಎಂದು ಭಾರತೀಯ ಬಾಹ್ಯಾಕಾಶ ಸಂಸ್ಥೆ ತಿಳಿಸಿದೆ. ಇದು ಮಿಷನ್ನ ಎರಡನೇ ವಿಳಂಬವನ್ನು ಸೂಚಿಸುತ್ತದೆ, ಇದನ್ನು ಆರಂಭದಲ್ಲಿ ಜನವರಿ 7ರಂದು ನಿಗದಿಪಡಿಸಲಾಗಿತ್ತು. ಬಳಿಕ ಜನವರಿ 9ಕ್ಕೆ ಮುಂದೂಡಲಾಗಿತ್ತು. ಉಪಗ್ರಹಗಳು ಸುರಕ್ಷಿತವಾಗಿವೆ ಎಂದು ಇಸ್ರೋ ತಿಳಿಸಿದೆ. ಇಸ್ರೋ ಎಸ್‌ಡಿಎಕ್ಸ್ 01 (ಚೇಸರ್) ಮತ್ತು ಎಸ್‌ಡಿಎಕ್ಸ್ 02 (ಟಾರ್ಗೆಟ್) ಎಂಬ ಉಪಗ್ರಹಗಳನ್ನು ಡಾಕಿಂಗ್ ಮಾಡುವ ಪ್ರಕ್ರಿಯೆ ನಡೆಸುತ್ತಿದೆ. ಕಾರ್ಯಾಚರಣೆಯ ಮುಂದಿನ ಹಂತದ ಕುರಿತು ಇಸ್ರೋ ಶೀಘ್ರದಲ್ಲೇ ಮಾಹಿತಿ ನೀಡಲಿದೆ. ಡಾಕಿಂಗ್ ಪ್ರಯತ್ನಕ್ಕಾಗಿ ಹೊಸ ಸಮಯವನ್ನು ಶೀಘ್ರದಲ್ಲೇ ಘೋಷಿಸಲಾಗುವುದು. ಪಿಎಸ್‌ಎಲ್‌ವಿ ಸಿ 60 ರಾಕೆಟ್ನಲ್ಲಿ ಡಿಸೆಂಬರ್ 30, 2024ರಂದು ಉಡಾವಣೆಯಾದ ಸ್ಪಾಡೆಕ್ಸ್ ಮಿಷನ್, ಬಾಹ್ಯಾಕಾಶ ಡಾಕಿಂಗ್ ತಂತ್ರಜ್ಞಾನದಲ್ಲಿ ಭಾರತದ ಸಾಮರ್ಥ್ಯವನ್ನ ಪ್ರದರ್ಶಿಸುವ ಗುರಿಯನ್ನು ಹೊಂದಿದೆ. ಇದು ಯುಎಸ್, ರಷ್ಯಾ ಮತ್ತು ಚೀನಾ ಎಂಬ ಇತರ ಮೂರು ದೇಶಗಳು ಸಾಧಿಸಿದ ಮೈಲಿಗಲ್ಲು.
ಆಸ್ಟ್ರೇಲಿಯಾದಲ್ಲಿ ಜಲವಿಮಾನ ಪತನ
ಸಿಡ್ನಿ: ಆಸ್ಟ್ರೇಲಿಯಾದ ಜನಪ್ರಿಯ ಪ್ರವಾಸೀ ದ್ವೀಪದಿಂದ ಟೇಕಾಫ್ ಆಗುತ್ತಿದ್ದಂತೆ ಜಲವಿಮಾನ ಪತನಗೊಂಡಿದ್ದು ಮೂವರು ಪ್ರವಾಸಿಗರು ಸಾವನ್ನಪ್ಪಿದ್ದಾರೆ. ಇತರ ಮೂವರು ಗಾಯಗೊಂಡಿರುವುದಾಗಿ ವರದಿಯಾಗಿದೆ. ರೊಟ್ನೆಸ್ಟ್ ದ್ವೀಪದಲ್ಲಿ ಮಂಗಳವಾರ ಸಂಜೆ ಅಪಘಾತ ಸಂಭವಿಸಿದ್ದು ಜಲವಿಮಾನದಲ್ಲಿದ್ದ(ನೀರಿನ ಮೇಲಿಂದ ಟೇಕಾಫ್ ಆಗುವ ಮತ್ತು ನೀರಿನ ಮೇಲೆಯೇ ಇಳಿಯುವ ಲಘುವಿಮಾನ) 7 ಮಂದಿಯಲ್ಲಿ ಒಬ್ಬ ಯಾವುದೇ ಗಾಯಗಳಿಲ್ಲದೆ ಪಾರಾಗಿದ್ದಾನೆ ಎಂದು ಪೊಲೀಸರು ಹೇಳಿದ್ದಾರೆ. ರೊಟ್ನೆಸ್ಟ್ ದ್ವೀಪದಿಂದ ಪರ್ತ್ಗೆ ಹೊರಟಿದ್ದ ಜಲವಿಮಾನದಲ್ಲಿದ್ದ ಪೈಲಟ್, ಸ್ವಿಟ್ಜರ್ಲ್ಯಾಂಡ್ ಮತ್ತು ಡೆನ್ಮಾರ್ಕ್ನ ಪ್ರವಾಸಿಗರು ಮೃತಪಟ್ಟಿದ್ದಾರೆ. ಗಾಯಗೊಂಡ ಮೂವರನ್ನು ಪರ್ತ್ ನಗರದ ಆಸ್ಪತ್ರೆಗೆ ದಾಖಲಿಸಲಾಗಿದೆ ಎಂದು ಅಧಿಕಾರಿಗಳು ಮಾಹಿತಿ ನೀಡಿದ್ದಾರೆ.
